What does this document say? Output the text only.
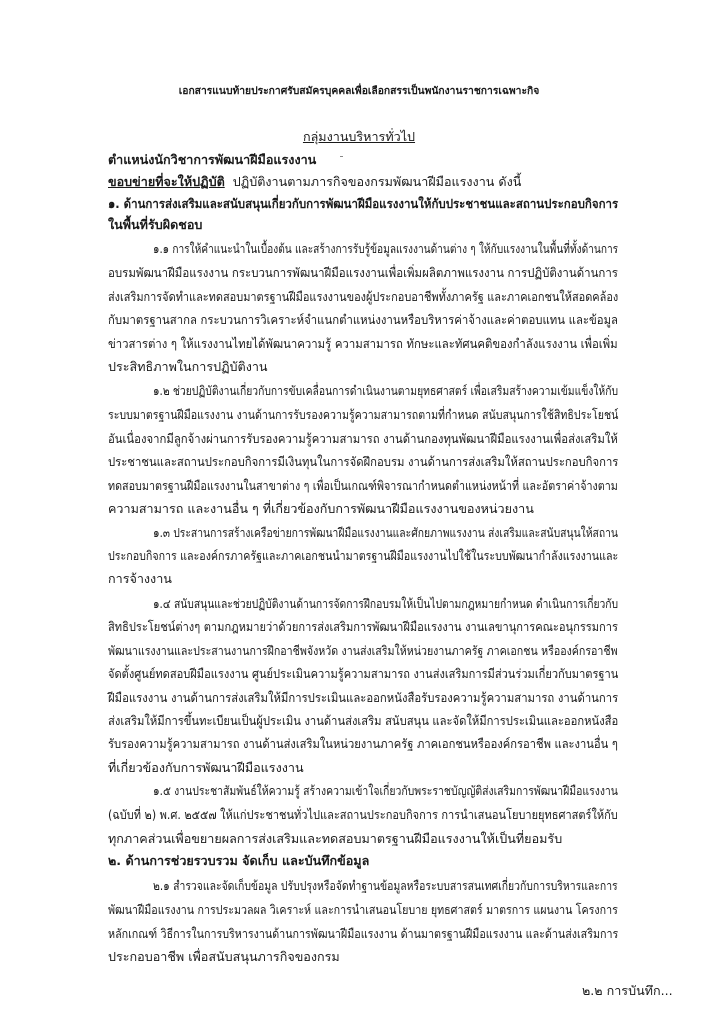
เอกสารแนบท้ายประกาศรับสมัครบุคคลเพื่อเลือกสรรเป็นพนักงานราชการเฉพาะกิจ
กลุ่มงานบริหารทั่วไป
ตำแหน่งนักวิชาการพัฒนาฝีมือแรงงาน
ขอบข่ายที่จะให้ปฏิบัติ ปฏิบัติงานตามภารกิจของกรมพัฒนาฝีมือแรงงาน ดังนี้
๑. ด้านการส่งเสริมและสนับสนุนเกี่ยวกับการพัฒนาฝีมือแรงงานให้กับประชาชนและสถานประกอบกิจการ
ในพื้นที่รับผิดชอบ
๑.๑ การให้คำแนะนำในเบื้องต้น และสร้างการรับรู้ข้อมูลแรงงานด้านต่าง ๆ ให้กับแรงงานในพื้นที่ทั้งด้านการ
อบรมพัฒนาฝีมือแรงงาน กระบวนการพัฒนาฝีมือแรงงานเพื่อเพิ่มผลิตภาพแรงงาน การปฏิบัติงานด้านการ
ส่งเสริมการจัดทำและทดสอบมาตรฐานฝีมือแรงงานของผู้ประกอบอาชีพทั้งภาครัฐ และภาคเอกชนให้สอดคล้อง
กับมาตรฐานสากล กระบวนการวิเคราะห์จำแนกตำแหน่งงานหรือบริหารค่าจ้างและค่าตอบแทน และข้อมูล
ข่าวสารต่าง ๆ ให้แรงงานไทยได้พัฒนาความรู้ ความสามารถ ทักษะและทัศนคติของกำลังแรงงาน เพื่อเพิ่ม
ประสิทธิภาพในการปฏิบัติงาน
๑.๒ ช่วยปฏิบัติงานเกี่ยวกับการขับเคลื่อนการดำเนินงานตามยุทธศาสตร์ เพื่อเสริมสร้างความเข้มแข็งให้กับ
ระบบมาตรฐานฝีมือแรงงาน งานด้านการรับรองความรู้ความสามารถตามที่กำหนด สนับสนุนการใช้สิทธิประโยชน์
อันเนื่องจากมีลูกจ้างผ่านการรับรองความรู้ความสามารถ งานด้านกองทุนพัฒนาฝีมือแรงงานเพื่อส่งเสริมให้
ประชาชนและสถานประกอบกิจการมีเงินทุนในการจัดฝึกอบรม งานด้านการส่งเสริมให้สถานประกอบกิจการ
ทดสอบมาตรฐานฝีมือแรงงานในสาขาต่าง ๆ เพื่อเป็นเกณฑ์พิจารณากำหนดตำแหน่งหน้าที่ และอัตราค่าจ้างตาม
ความสามารถ และงานอื่น ๆ ที่เกี่ยวข้องกับการพัฒนาฝีมือแรงงานของหน่วยงาน
๑.๓ ประสานการสร้างเครือข่ายการพัฒนาฝีมือแรงงานและศักยภาพแรงงาน ส่งเสริมและสนับสนุนให้สถาน
ประกอบกิจการ และองค์กรภาครัฐและภาคเอกชนนำมาตรฐานฝีมือแรงงานไปใช้ในระบบพัฒนากำลังแรงงานและ
การจ้างงาน
๑.๔ สนับสนุนและช่วยปฏิบัติงานด้านการจัดการฝึกอบรมให้เป็นไปตามกฎหมายกำหนด ดำเนินการเกี่ยวกับ
สิทธิประโยชน์ต่างๆ ตามกฎหมายว่าด้วยการส่งเสริมการพัฒนาฝีมือแรงงาน งานเลขานุการคณะอนุกรรมการ
พัฒนาแรงงานและประสานงานการฝึกอาชีพจังหวัด งานส่งเสริมให้หน่วยงานภาครัฐ ภาคเอกชน หรือองค์กรอาชีพ
จัดตั้งศูนย์ทดสอบฝีมือแรงงาน ศูนย์ประเมินความรู้ความสามารถ งานส่งเสริมการมีส่วนร่วมเกี่ยวกับมาตรฐาน
ฝีมือแรงงาน งานด้านการส่งเสริมให้มีการประเมินและออกหนังสือรับรองความรู้ความสามารถ งานด้านการ
ส่งเสริมให้มีการขึ้นทะเบียนเป็นผู้ประเมิน งานด้านส่งเสริม สนับสนุน และจัดให้มีการประเมินและออกหนังสือ
รับรองความรู้ความสามารถ งานด้านส่งเสริมในหน่วยงานภาครัฐ ภาคเอกชนหรือองค์กรอาชีพ และงานอื่น ๆ
ที่เกี่ยวข้องกับการพัฒนาฝีมือแรงงาน
๑.๕ งานประชาสัมพันธ์ให้ความรู้ สร้างความเข้าใจเกี่ยวกับพระราชบัญญัติส่งเสริมการพัฒนาฝีมือแรงงาน
(ฉบับที่ ๒) พ.ศ. ๒๕๕๗ ให้แก่ประชาชนทั่วไปและสถานประกอบกิจการ การนำเสนอนโยบายยุทธศาสตร์ให้กับ
ทุกภาคส่วนเพื่อขยายผลการส่งเสริมและทดสอบมาตรฐานฝีมือแรงงานให้เป็นที่ยอมรับ
๒. ด้านการช่วยรวบรวม จัดเก็บ และบันทึกข้อมูล
๒.๑ สำรวจและจัดเก็บข้อมูล ปรับปรุงหรือจัดทำฐานข้อมูลหรือระบบสารสนเทศเกี่ยวกับการบริหารและการ
พัฒนาฝีมือแรงงาน การประมวลผล วิเคราะห์ และการนำเสนอนโยบาย ยุทธศาสตร์ มาตรการ แผนงาน โครงการ
หลักเกณฑ์ วิธีการในการบริหารงานด้านการพัฒนาฝีมือแรงงาน ด้านมาตรฐานฝีมือแรงงาน และด้านส่งเสริมการ
ประกอบอาชีพ เพื่อสนับสนุนภารกิจของกรม
๒.๒ การบันทึก...
